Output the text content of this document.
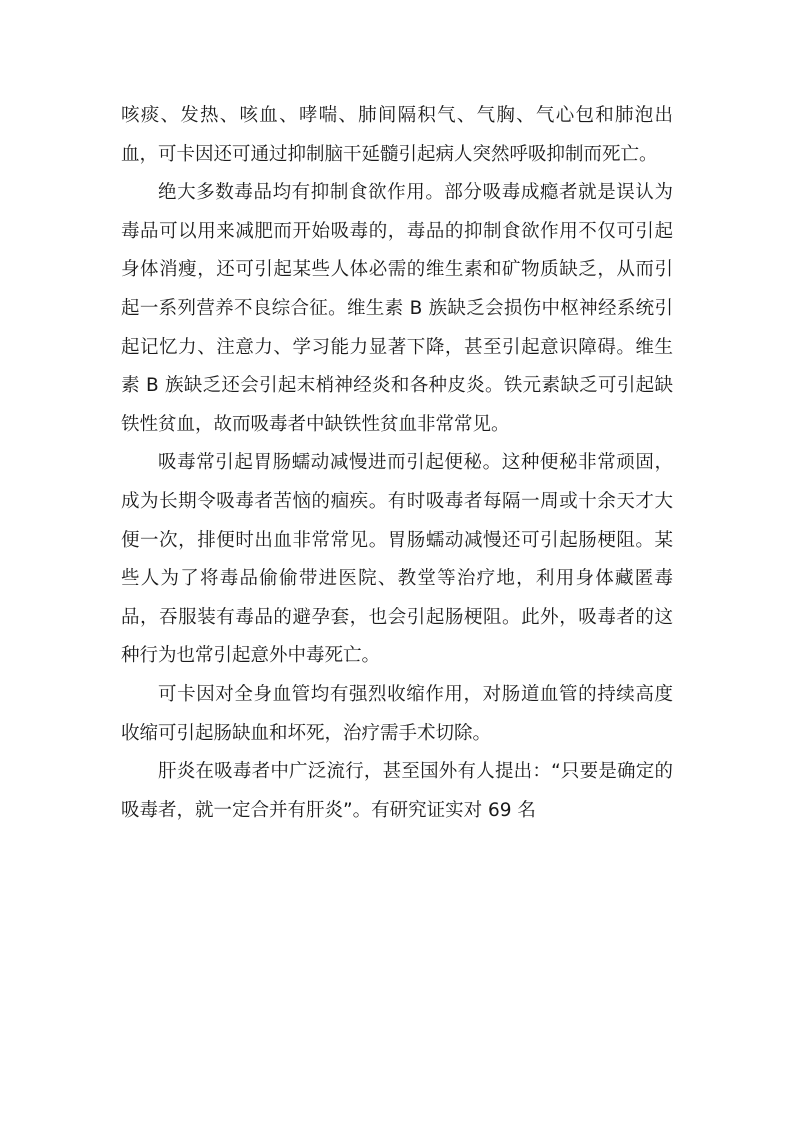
咳痰、发热、咳血、哮喘、肺间隔积气、气胸、气心包和肺泡出血，可卡因还可通过抑制脑干延髓引起病人突然呼吸抑制而死亡。

绝大多数毒品均有抑制食欲作用。部分吸毒成瘾者就是误认为毒品可以用来减肥而开始吸毒的，毒品的抑制食欲作用不仅可引起身体消瘦，还可引起某些人体必需的维生素和矿物质缺乏，从而引起一系列营养不良综合征。维生素 B 族缺乏会损伤中枢神经系统引起记忆力、注意力、学习能力显著下降，甚至引起意识障碍。维生素 B 族缺乏还会引起末梢神经炎和各种皮炎。铁元素缺乏可引起缺铁性贫血，故而吸毒者中缺铁性贫血非常常见。

吸毒常引起胃肠蠕动减慢进而引起便秘。这种便秘非常顽固，成为长期令吸毒者苦恼的痼疾。有时吸毒者每隔一周或十余天才大便一次，排便时出血非常常见。胃肠蠕动减慢还可引起肠梗阻。某些人为了将毒品偷偷带进医院、教堂等治疗地，利用身体藏匿毒品，吞服装有毒品的避孕套，也会引起肠梗阻。此外，吸毒者的这种行为也常引起意外中毒死亡。

可卡因对全身血管均有强烈收缩作用，对肠道血管的持续高度收缩可引起肠缺血和坏死，治疗需手术切除。

肝炎在吸毒者中广泛流行，甚至国外有人提出：“只要是确定的吸毒者，就一定合并有肝炎”。有研究证实对 69 名
